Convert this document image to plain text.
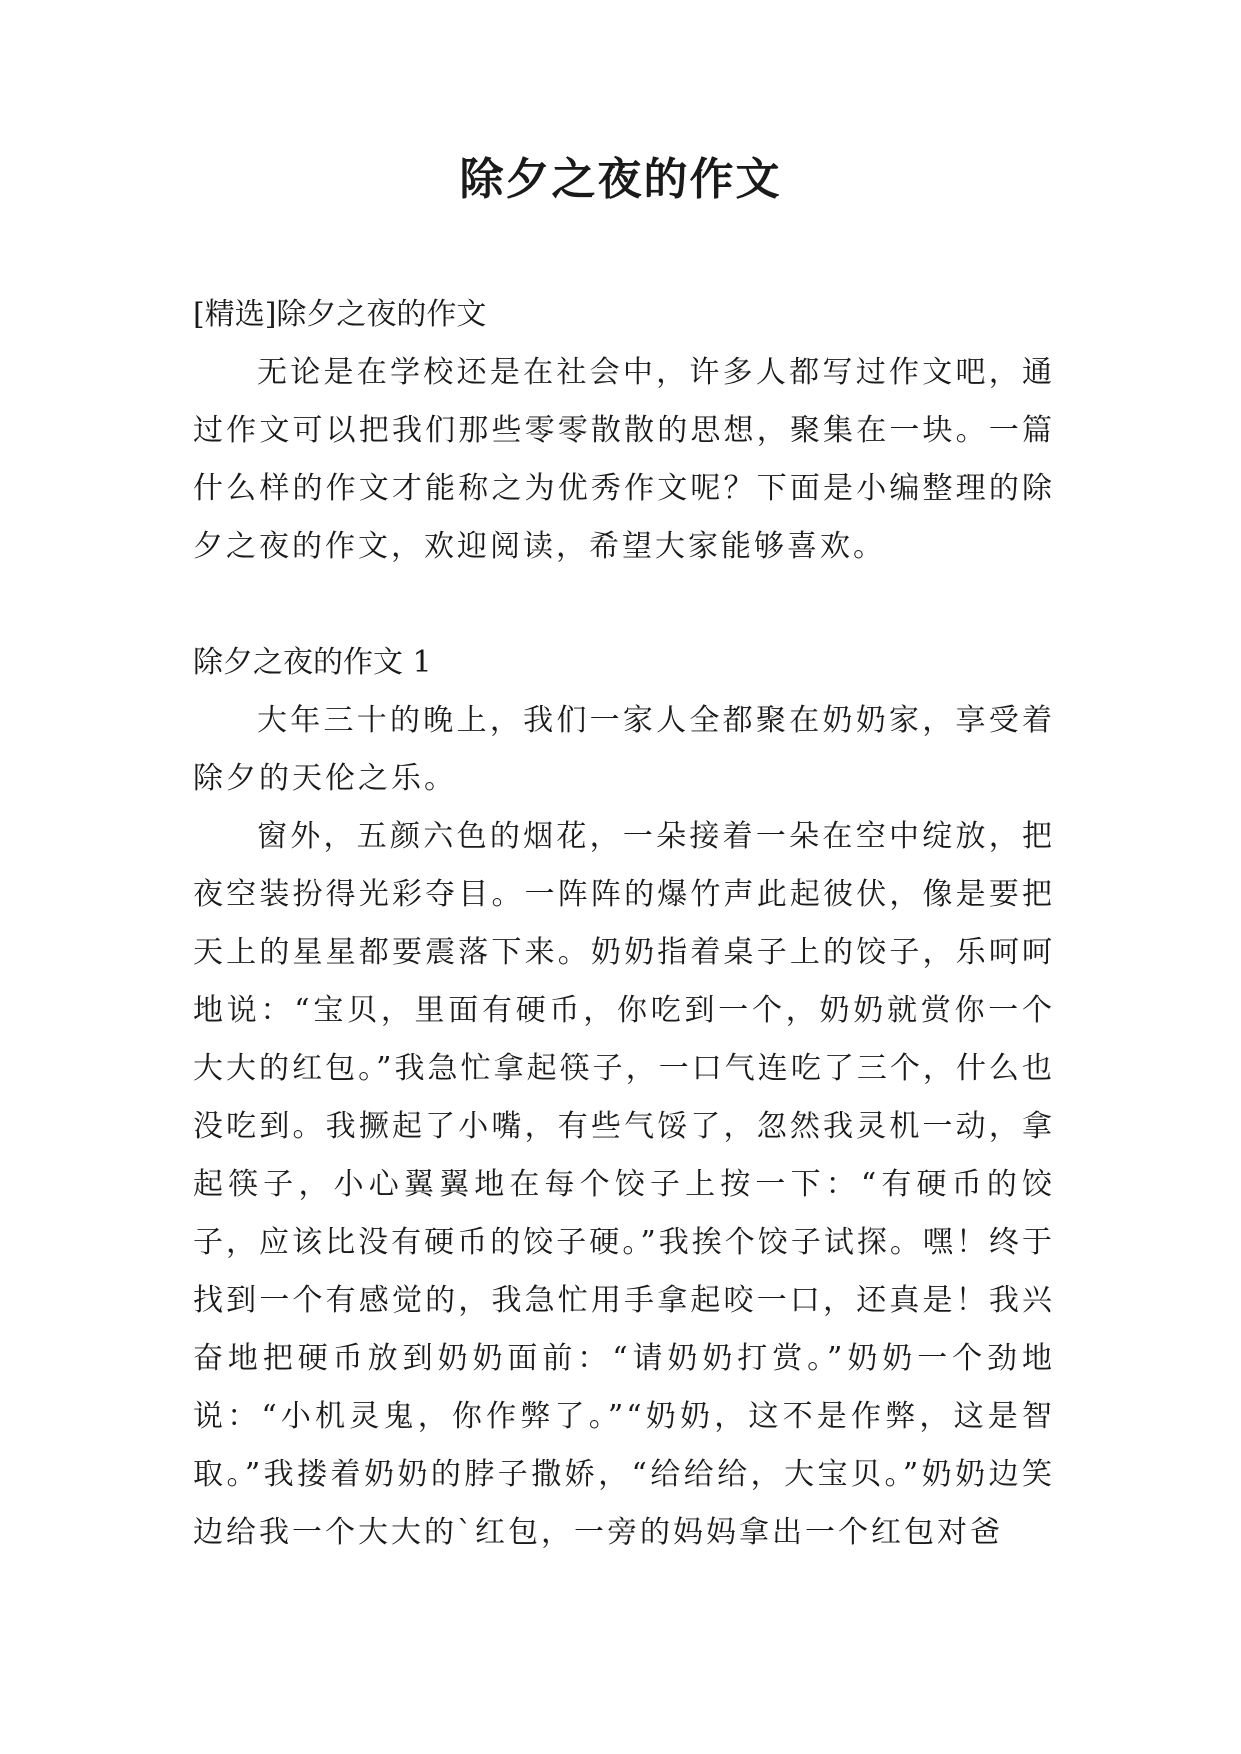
除夕之夜的作文

[精选]除夕之夜的作文

无论是在学校还是在社会中，许多人都写过作文吧，通过作文可以把我们那些零零散散的思想，聚集在一块。一篇什么样的作文才能称之为优秀作文呢？下面是小编整理的除夕之夜的作文，欢迎阅读，希望大家能够喜欢。

除夕之夜的作文 1

大年三十的晚上，我们一家人全都聚在奶奶家，享受着除夕的天伦之乐。

窗外，五颜六色的烟花，一朵接着一朵在空中绽放，把夜空装扮得光彩夺目。一阵阵的爆竹声此起彼伏，像是要把天上的星星都要震落下来。奶奶指着桌子上的饺子，乐呵呵地说：“宝贝，里面有硬币，你吃到一个，奶奶就赏你一个大大的红包。”我急忙拿起筷子，一口气连吃了三个，什么也没吃到。我撅起了小嘴，有些气馁了，忽然我灵机一动，拿起筷子，小心翼翼地在每个饺子上按一下：“有硬币的饺子，应该比没有硬币的饺子硬。”我挨个饺子试探。嘿！终于找到一个有感觉的，我急忙用手拿起咬一口，还真是！我兴奋地把硬币放到奶奶面前：“请奶奶打赏。”奶奶一个劲地说：“小机灵鬼，你作弊了。”“奶奶，这不是作弊，这是智取。”我搂着奶奶的脖子撒娇，“给给给，大宝贝。”奶奶边笑边给我一个大大的`红包，一旁的妈妈拿出一个红包对爸
